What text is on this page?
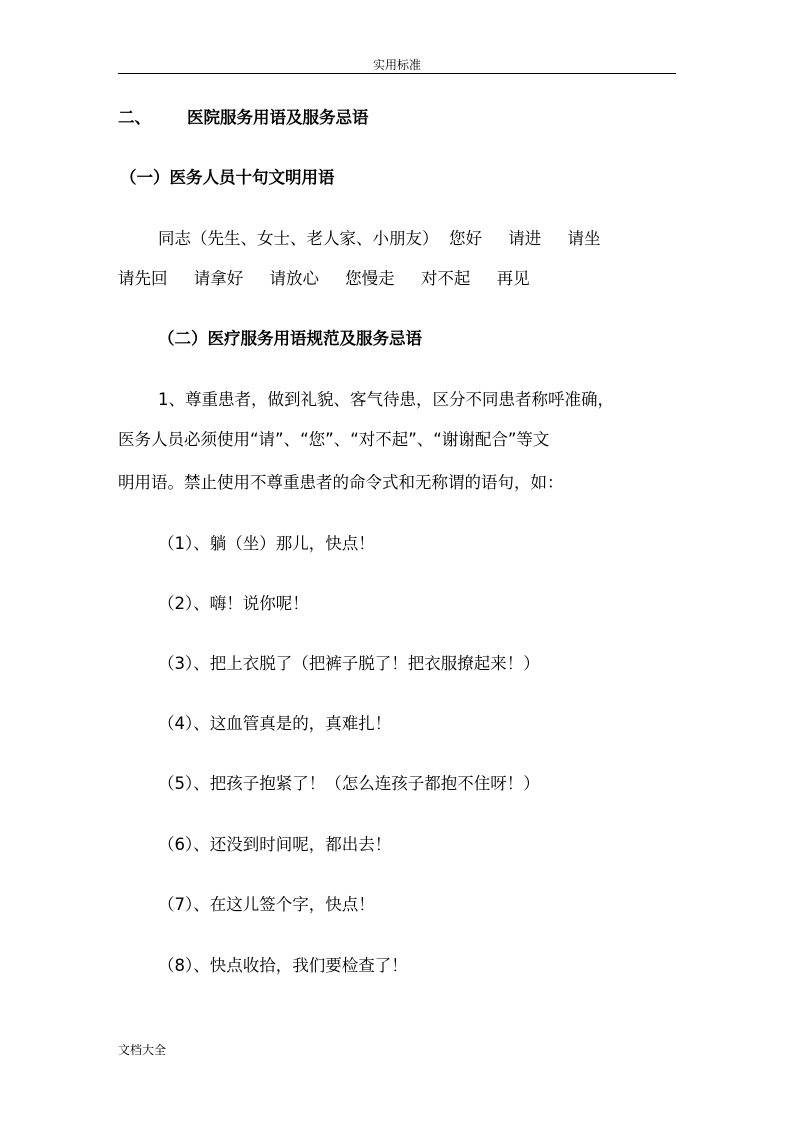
实用标准
二、 医院服务用语及服务忌语
（一）医务人员十句文明用语
同志（先生、女士、老人家、小朋友）  您好     请进     请坐
请先回     请拿好     请放心     您慢走     对不起     再见
（二）医疗服务用语规范及服务忌语
1、尊重患者，做到礼貌、客气待患，区分不同患者称呼准确，
医务人员必须使用“请”、“您”、“对不起”、“谢谢配合”等文
明用语。禁止使用不尊重患者的命令式和无称谓的语句，如：
（1）、躺（坐）那儿，快点！
（2）、嗨！说你呢！
（3）、把上衣脱了（把裤子脱了！把衣服撩起来！）
（4）、这血管真是的，真难扎！
（5）、把孩子抱紧了！（怎么连孩子都抱不住呀！）
（6）、还没到时间呢，都出去！
（7）、在这儿签个字，快点！
（8）、快点收拾，我们要检查了！
文档大全
